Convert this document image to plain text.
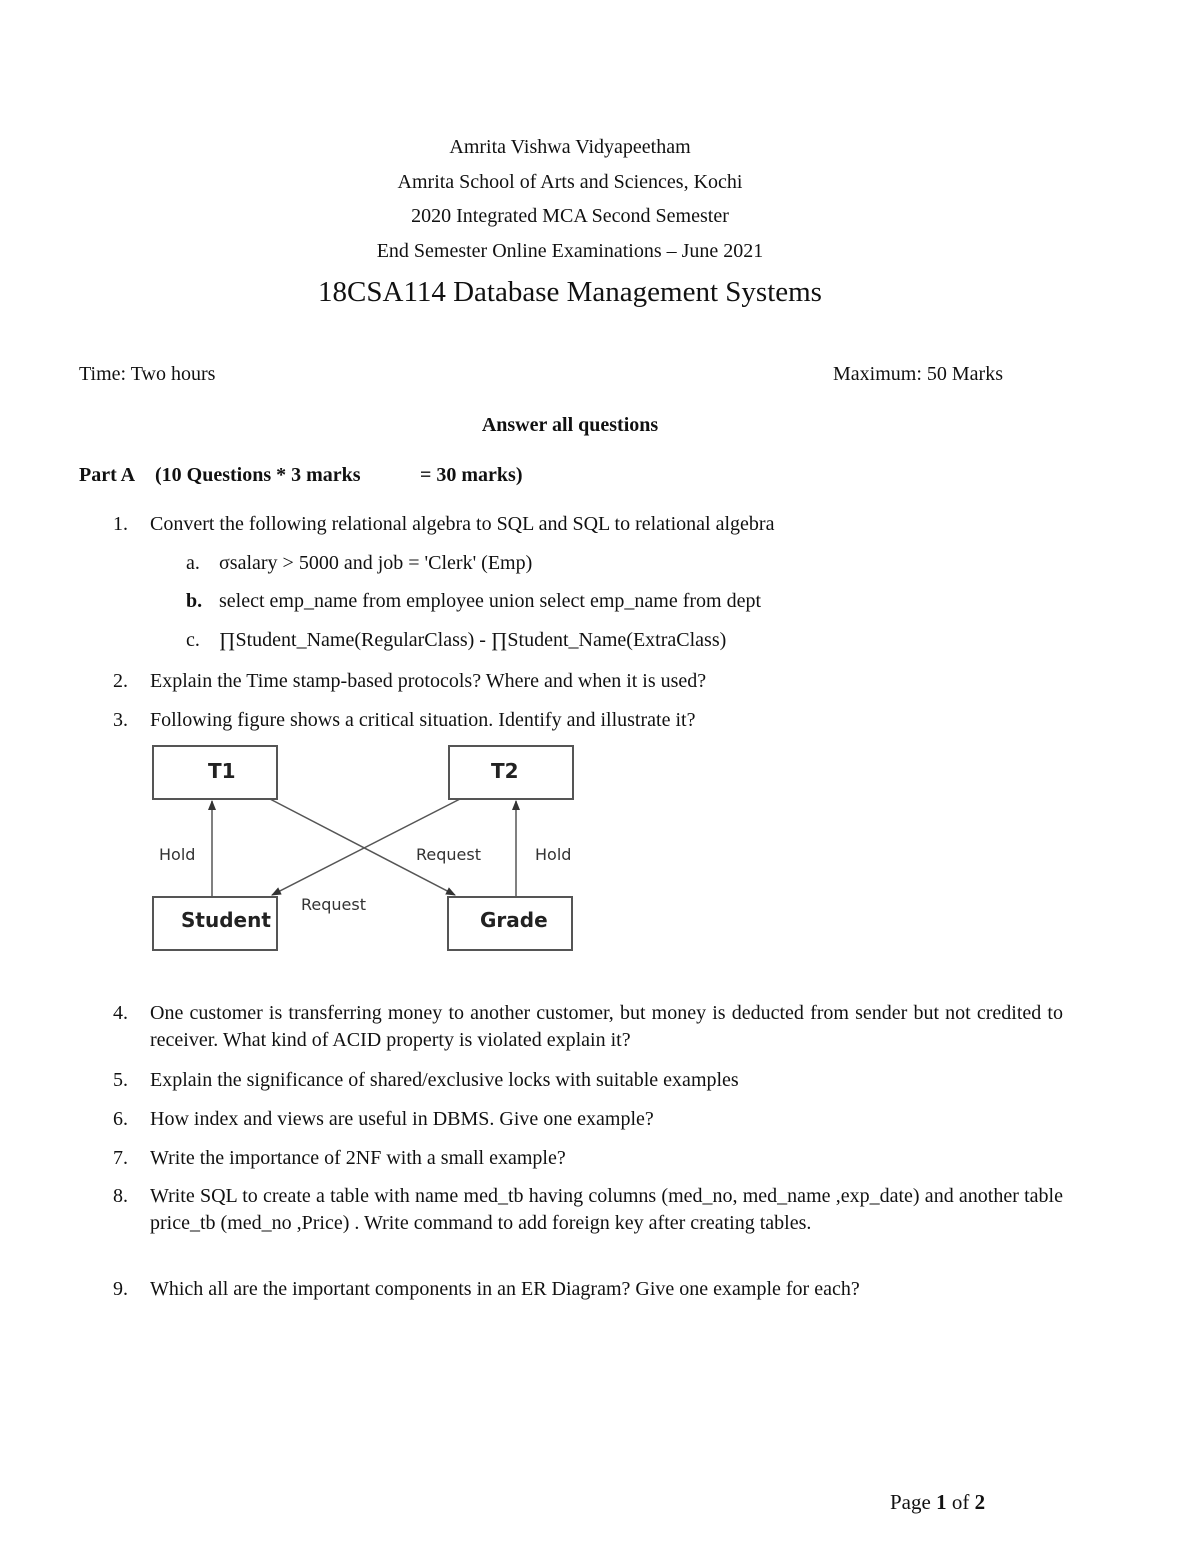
Amrita Vishwa Vidyapeetham
Amrita School of Arts and Sciences, Kochi
2020 Integrated MCA Second Semester
End Semester Online Examinations – June 2021
18CSA114 Database Management Systems
Time: Two hours	Maximum: 50 Marks
Answer all questions
Part A (10 Questions * 3 marks	= 30 marks)
1. Convert the following relational algebra to SQL and SQL to relational algebra
a. σsalary > 5000 and job = 'Clerk' (Emp)
b. select emp_name from employee union select emp_name from dept
c. ∏Student_Name(RegularClass) - ∏Student_Name(ExtraClass)
2. Explain the Time stamp-based protocols? Where and when it is used?
3. Following figure shows a critical situation. Identify and illustrate it?
T1	T2
Student	Grade
Hold	Hold
Request
Request
4. One customer is transferring money to another customer, but money is deducted from sender but not credited to receiver. What kind of ACID property is violated explain it?
5. Explain the significance of shared/exclusive locks with suitable examples
6. How index and views are useful in DBMS. Give one example?
7. Write the importance of 2NF with a small example?
8. Write SQL to create a table with name med_tb having columns (med_no, med_name ,exp_date) and another table price_tb (med_no ,Price) . Write command to add foreign key after creating tables.
9. Which all are the important components in an ER Diagram? Give one example for each?
Page 1 of 2
